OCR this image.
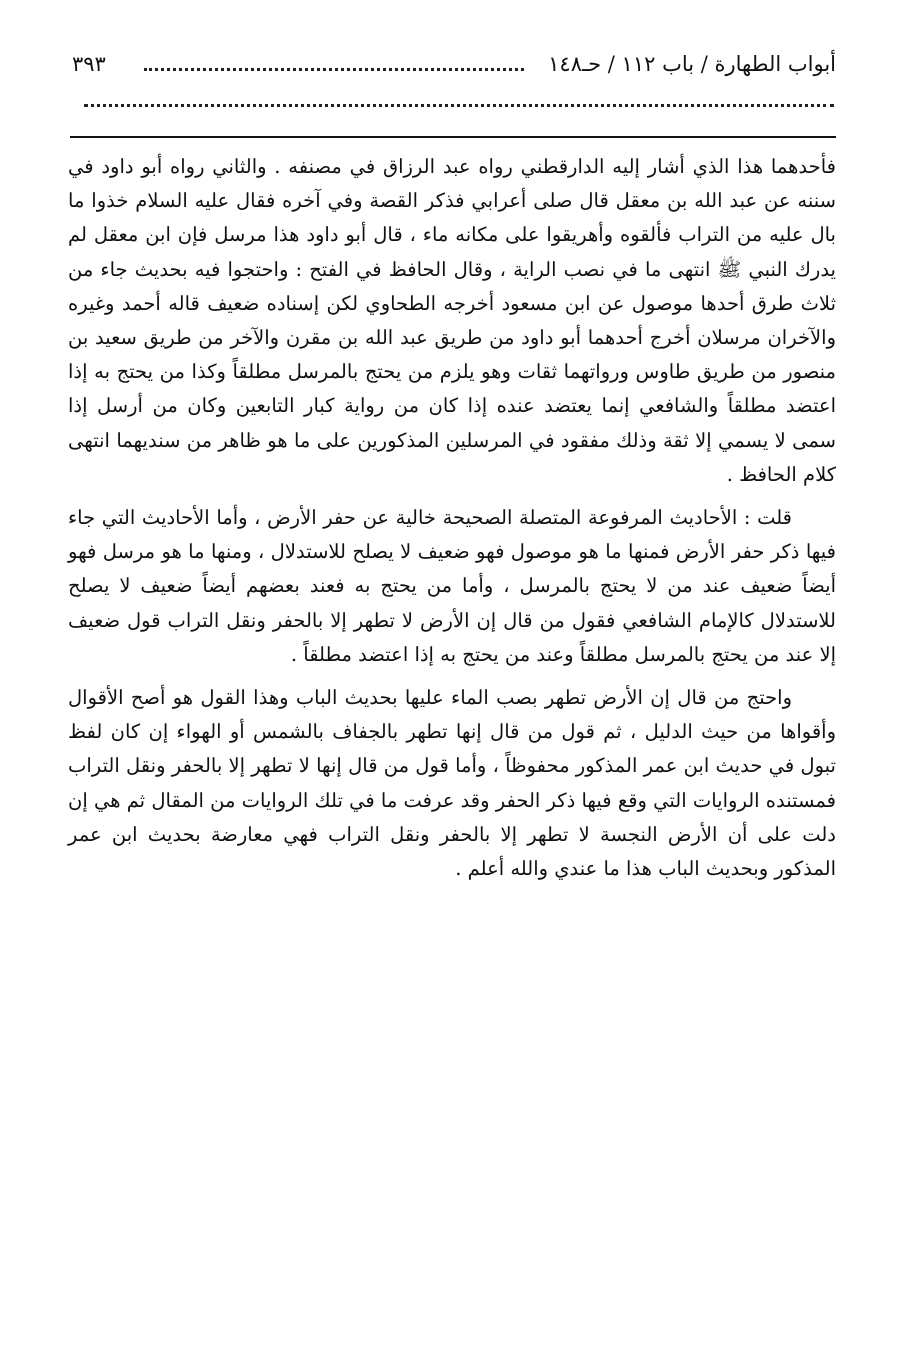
أبواب الطهارة / باب ١١٢ / حـ١٤٨
٣٩٣

فأحدهما هذا الذي أشار إليه الدارقطني رواه عبد الرزاق في مصنفه . والثاني رواه أبو داود في سننه عن عبد الله بن معقل قال صلى أعرابي فذكر القصة وفي آخره فقال عليه السلام خذوا ما بال عليه من التراب فألقوه وأهريقوا على مكانه ماء ، قال أبو داود هذا مرسل فإن ابن معقل لم يدرك النبي ﷺ انتهى ما في نصب الراية ، وقال الحافظ في الفتح : واحتجوا فيه بحديث جاء من ثلاث طرق أحدها موصول عن ابن مسعود أخرجه الطحاوي لكن إسناده ضعيف قاله أحمد وغيره والآخران مرسلان أخرج أحدهما أبو داود من طريق عبد الله بن مقرن والآخر من طريق سعيد بن منصور من طريق طاوس ورواتهما ثقات وهو يلزم من يحتج بالمرسل مطلقاً وكذا من يحتج به إذا اعتضد مطلقاً والشافعي إنما يعتضد عنده إذا كان من رواية كبار التابعين وكان من أرسل إذا سمى لا يسمي إلا ثقة وذلك مفقود في المرسلين المذكورين على ما هو ظاهر من سنديهما انتهى كلام الحافظ .

قلت : الأحاديث المرفوعة المتصلة الصحيحة خالية عن حفر الأرض ، وأما الأحاديث التي جاء فيها ذكر حفر الأرض فمنها ما هو موصول فهو ضعيف لا يصلح للاستدلال ، ومنها ما هو مرسل فهو أيضاً ضعيف عند من لا يحتج بالمرسل ، وأما من يحتج به فعند بعضهم أيضاً ضعيف لا يصلح للاستدلال كالإمام الشافعي فقول من قال إن الأرض لا تطهر إلا بالحفر ونقل التراب قول ضعيف إلا عند من يحتج بالمرسل مطلقاً وعند من يحتج به إذا اعتضد مطلقاً .

واحتج من قال إن الأرض تطهر بصب الماء عليها بحديث الباب وهذا القول هو أصح الأقوال وأقواها من حيث الدليل ، ثم قول من قال إنها تطهر بالجفاف بالشمس أو الهواء إن كان لفظ تبول في حديث ابن عمر المذكور محفوظاً ، وأما قول من قال إنها لا تطهر إلا بالحفر ونقل التراب فمستنده الروايات التي وقع فيها ذكر الحفر وقد عرفت ما في تلك الروايات من المقال ثم هي إن دلت على أن الأرض النجسة لا تطهر إلا بالحفر ونقل التراب فهي معارضة بحديث ابن عمر المذكور وبحديث الباب هذا ما عندي والله أعلم .
